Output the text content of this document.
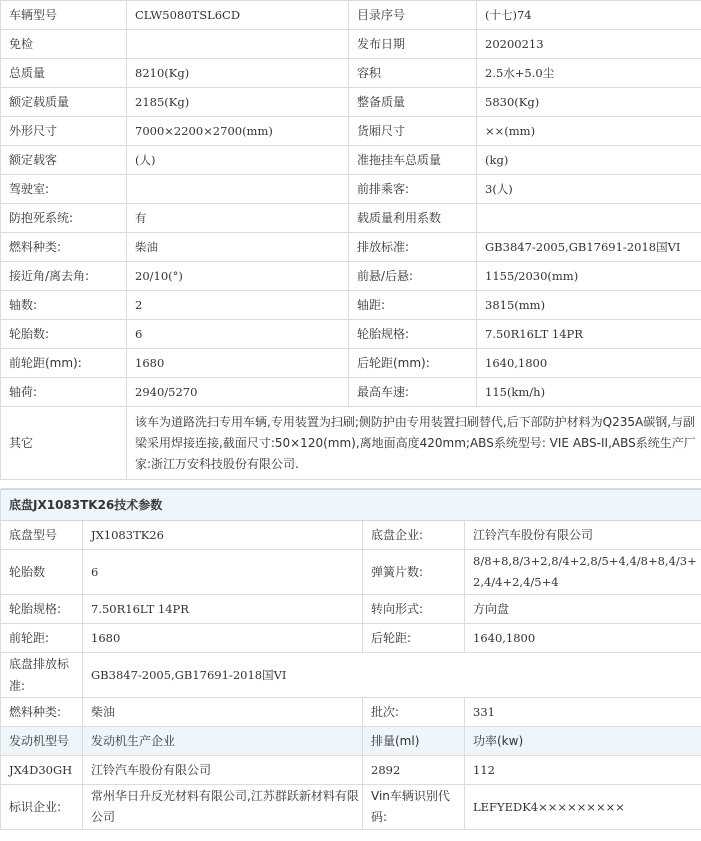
车辆型号	CLW5080TSL6CD	目录序号	(十七)74
免检		发布日期	20200213
总质量	8210(Kg)	容积	2.5水+5.0尘
额定载质量	2185(Kg)	整备质量	5830(Kg)
外形尺寸	7000×2200×2700(mm)	货厢尺寸	××(mm)
额定载客	(人)	准拖挂车总质量	(kg)
驾驶室:		前排乘客:	3(人)
防抱死系统:	有	载质量利用系数	
燃料种类:	柴油	排放标准:	GB3847-2005,GB17691-2018国VI
接近角/离去角:	20/10(°)	前悬/后悬:	1155/2030(mm)
轴数:	2	轴距:	3815(mm)
轮胎数:	6	轮胎规格:	7.50R16LT 14PR
前轮距(mm):	1680	后轮距(mm):	1640,1800
轴荷:	2940/5270	最高车速:	115(km/h)
其它	该车为道路洗扫专用车辆,专用装置为扫刷;侧防护由专用装置扫刷替代,后下部防护材料为Q235A碳钢,与副梁采用焊接连接,截面尺寸:50×120(mm),离地面高度420mm;ABS系统型号: VIE ABS-II,ABS系统生产厂家:浙江万安科技股份有限公司.		

底盘JX1083TK26技术参数			
底盘型号	JX1083TK26	底盘企业:	江铃汽车股份有限公司
轮胎数	6	弹簧片数:	8/8+8,8/3+2,8/4+2,8/5+4,4/8+8,4/3+2,4/4+2,4/5+4
轮胎规格:	7.50R16LT 14PR	转向形式:	方向盘
前轮距:	1680	后轮距:	1640,1800
底盘排放标准:	GB3847-2005,GB17691-2018国VI		
燃料种类:	柴油	批次:	331
发动机型号	发动机生产企业	排量(ml)	功率(kw)
JX4D30GH	江铃汽车股份有限公司	2892	112
标识企业:	常州华日升反光材料有限公司,江苏群跃新材料有限公司	Vin车辆识别代码:	LEFYEDK4×××××××××
